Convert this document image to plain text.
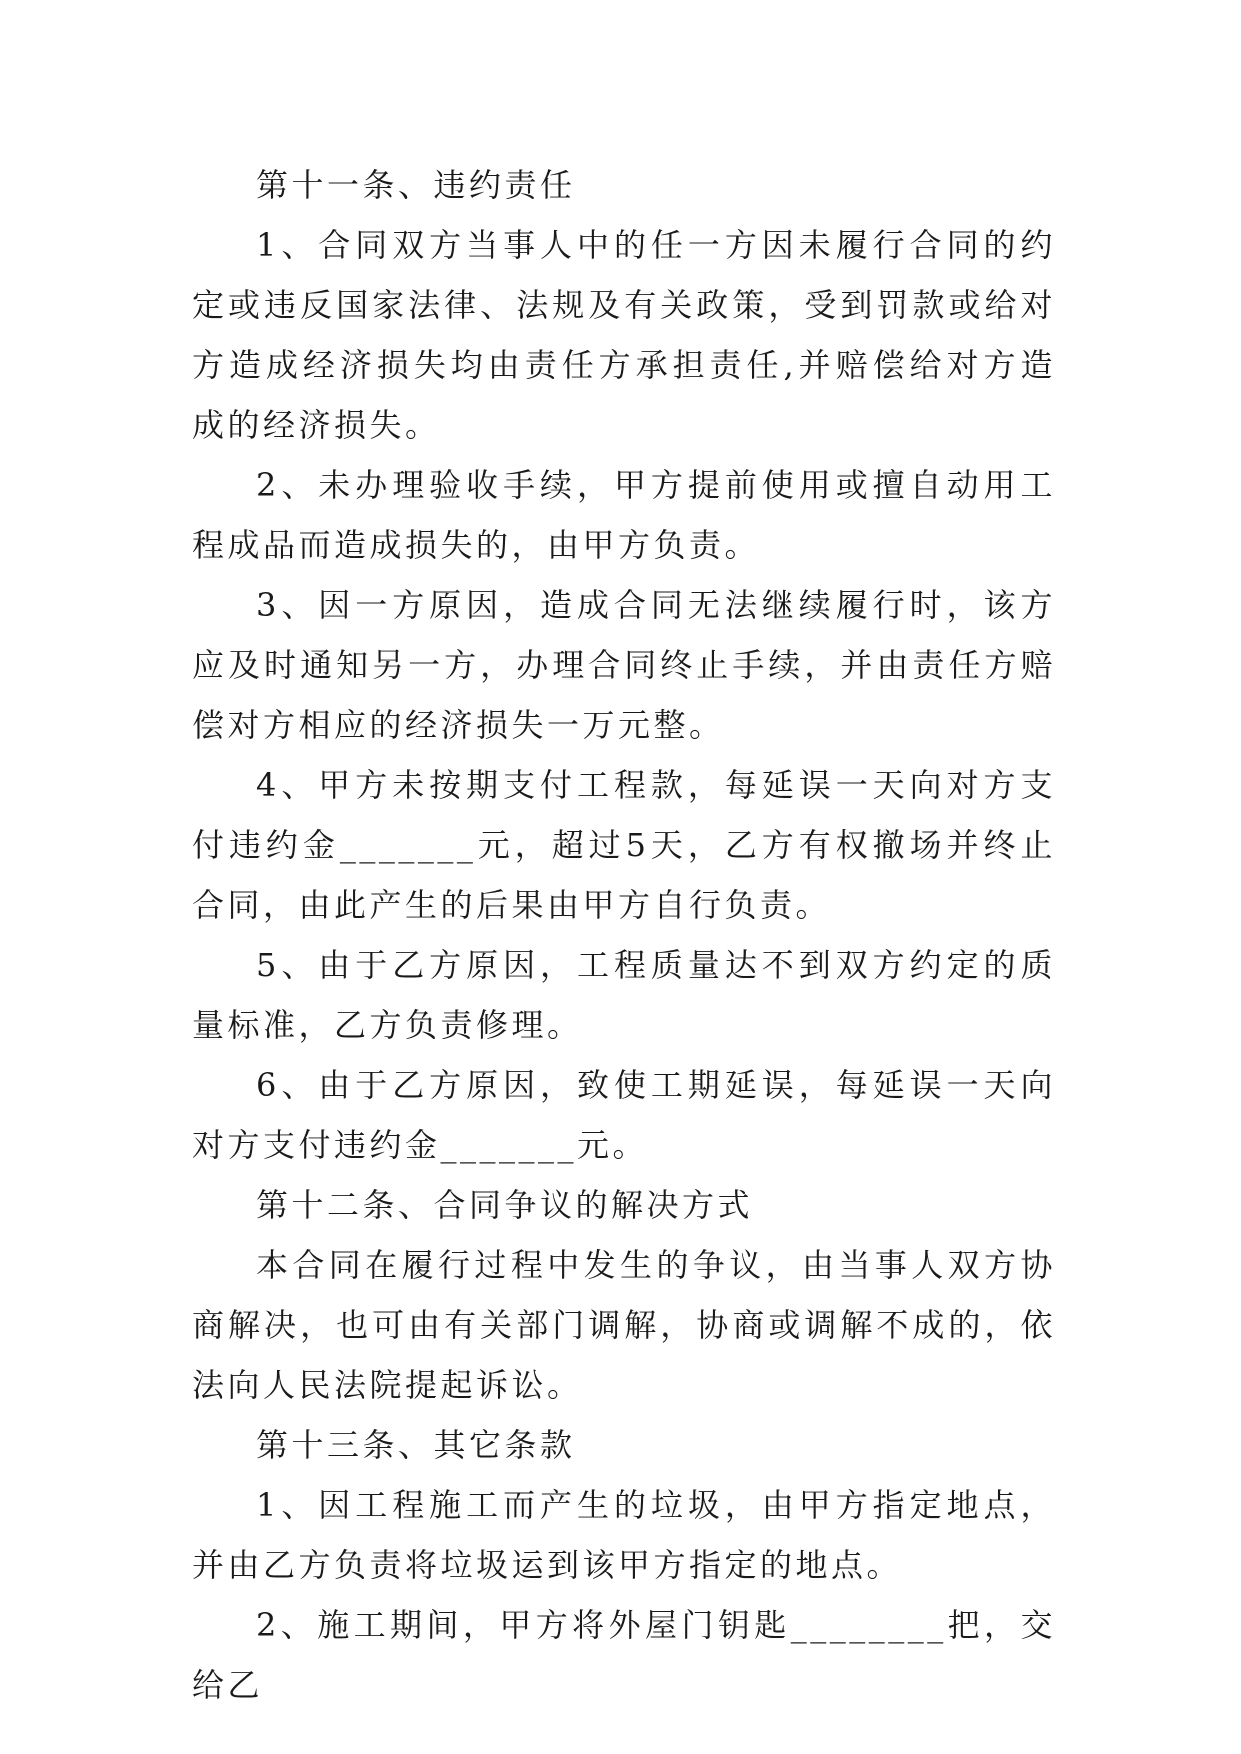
第十一条、违约责任

1、合同双方当事人中的任一方因未履行合同的约定或违反国家法律、法规及有关政策，受到罚款或给对方造成经济损失均由责任方承担责任,并赔偿给对方造成的经济损失。

2、未办理验收手续，甲方提前使用或擅自动用工程成品而造成损失的，由甲方负责。

3、因一方原因，造成合同无法继续履行时，该方应及时通知另一方，办理合同终止手续，并由责任方赔偿对方相应的经济损失一万元整。

4、甲方未按期支付工程款，每延误一天向对方支付违约金_______元，超过5天，乙方有权撤场并终止合同，由此产生的后果由甲方自行负责。

5、由于乙方原因，工程质量达不到双方约定的质量标准，乙方负责修理。

6、由于乙方原因，致使工期延误，每延误一天向对方支付违约金_______元。

第十二条、合同争议的解决方式

本合同在履行过程中发生的争议，由当事人双方协商解决，也可由有关部门调解，协商或调解不成的，依法向人民法院提起诉讼。

第十三条、其它条款

1、因工程施工而产生的垃圾，由甲方指定地点，并由乙方负责将垃圾运到该甲方指定的地点。

2、施工期间，甲方将外屋门钥匙________把，交给乙
